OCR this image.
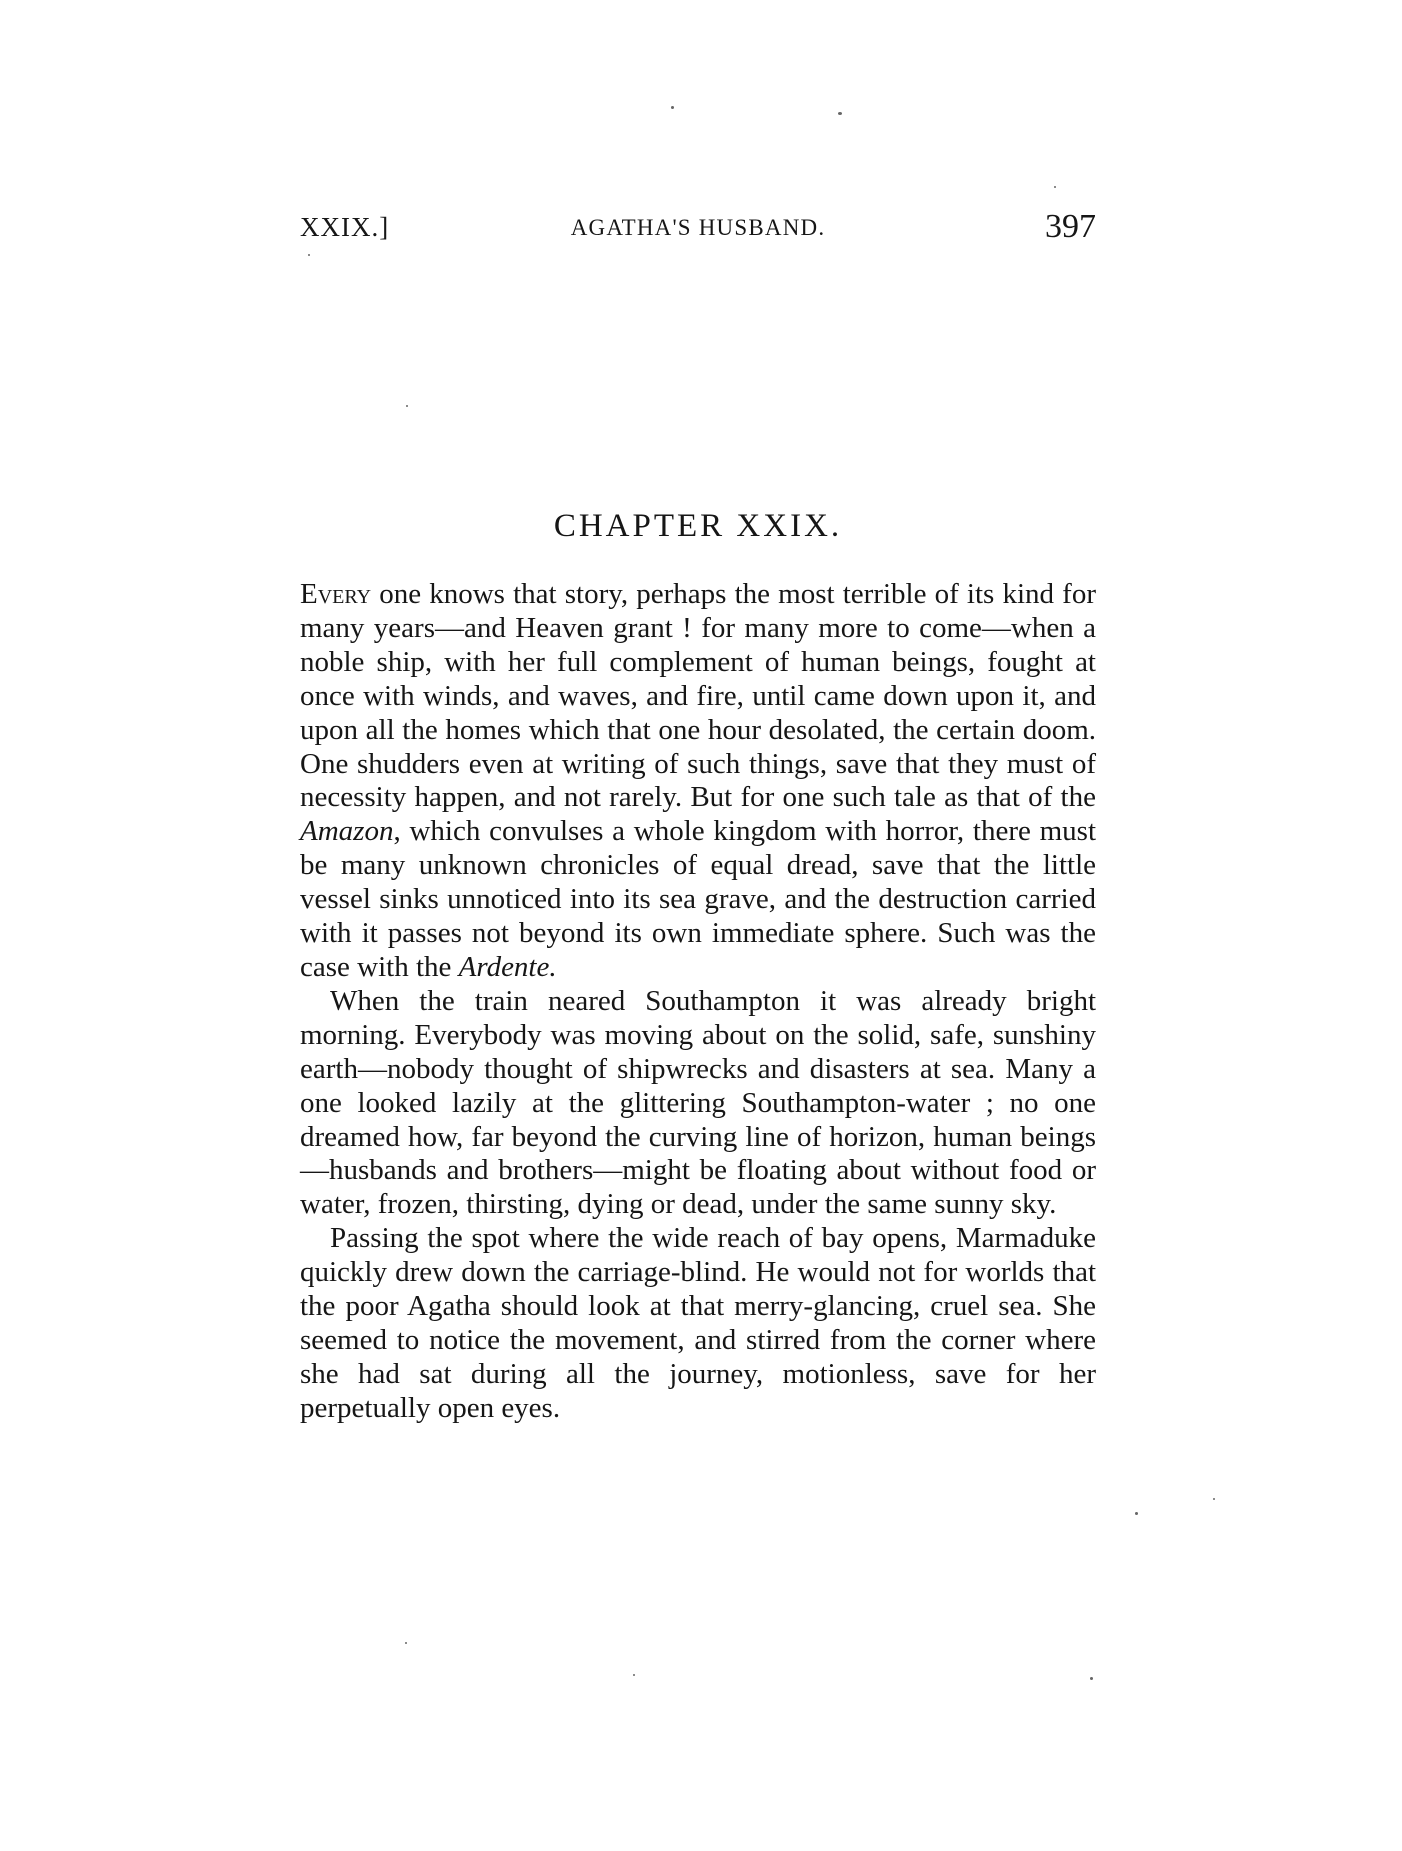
XXIX.]	AGATHA'S HUSBAND.	397
CHAPTER XXIX.

Every one knows that story, perhaps the most terrible of its kind for many years—and Heaven grant ! for many more to come—when a noble ship, with her full complement of human beings, fought at once with winds, and waves, and fire, until came down upon it, and upon all the homes which that one hour desolated, the certain doom. One shudders even at writing of such things, save that they must of necessity happen, and not rarely. But for one such tale as that of the Amazon, which convulses a whole kingdom with horror, there must be many unknown chronicles of equal dread, save that the little vessel sinks unnoticed into its sea grave, and the destruction carried with it passes not beyond its own immediate sphere. Such was the case with the Ardente.

When the train neared Southampton it was already bright morning. Everybody was moving about on the solid, safe, sunshiny earth—nobody thought of shipwrecks and disasters at sea. Many a one looked lazily at the glittering Southampton-water ; no one dreamed how, far beyond the curving line of horizon, human beings—husbands and brothers—might be floating about without food or water, frozen, thirsting, dying or dead, under the same sunny sky.

Passing the spot where the wide reach of bay opens, Marmaduke quickly drew down the carriage-blind. He would not for worlds that the poor Agatha should look at that merry-glancing, cruel sea. She seemed to notice the movement, and stirred from the corner where she had sat during all the journey, motionless, save for her perpetually open eyes.
